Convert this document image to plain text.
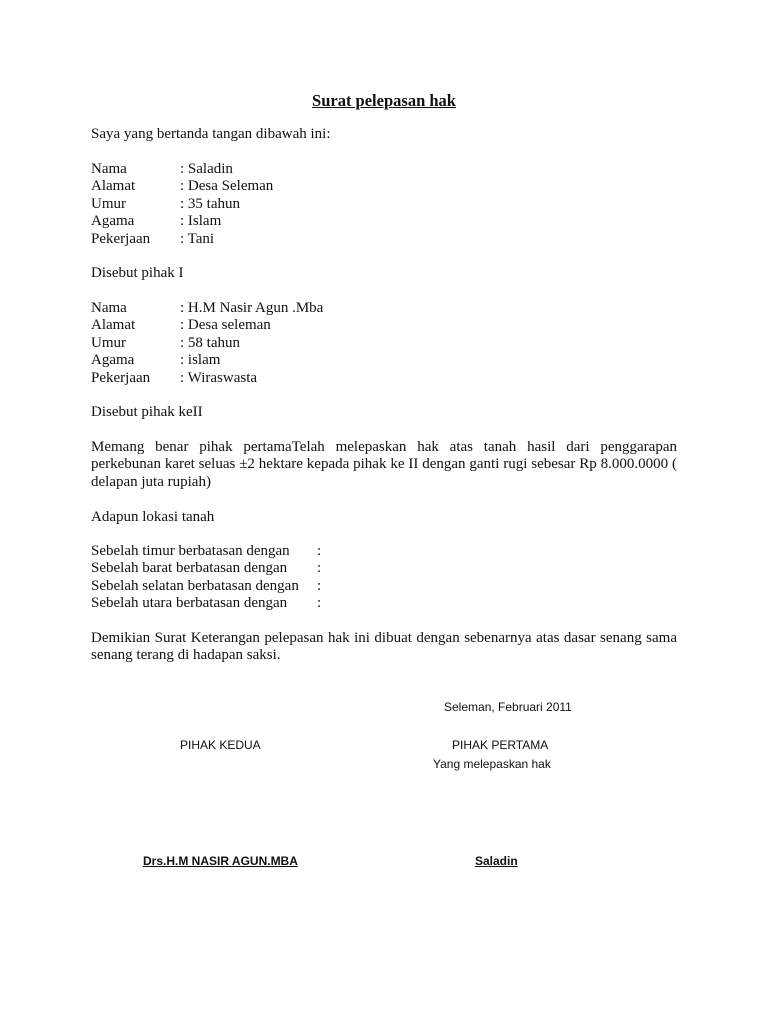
Surat pelepasan hak
Saya yang bertanda tangan dibawah ini:
Nama	: Saladin
Alamat	: Desa Seleman
Umur	: 35 tahun
Agama	: Islam
Pekerjaan	: Tani
Disebut pihak I
Nama	: H.M Nasir Agun .Mba
Alamat	: Desa seleman
Umur	: 58 tahun
Agama	: islam
Pekerjaan	: Wiraswasta
Disebut pihak keII
Memang benar pihak pertamaTelah melepaskan hak atas tanah hasil dari penggarapan perkebunan karet seluas ±2 hektare kepada pihak ke II dengan ganti rugi sebesar Rp 8.000.0000 ( delapan juta rupiah)
Adapun lokasi tanah
Sebelah timur berbatasan dengan	:
Sebelah barat berbatasan dengan	:
Sebelah selatan berbatasan dengan	:
Sebelah utara berbatasan dengan	:
Demikian Surat Keterangan pelepasan hak ini dibuat dengan sebenarnya atas dasar senang sama senang terang di hadapan saksi.
Seleman, Februari 2011
PIHAK KEDUA	PIHAK PERTAMA
Yang melepaskan hak
Drs.H.M NASIR AGUN.MBA	Saladin
